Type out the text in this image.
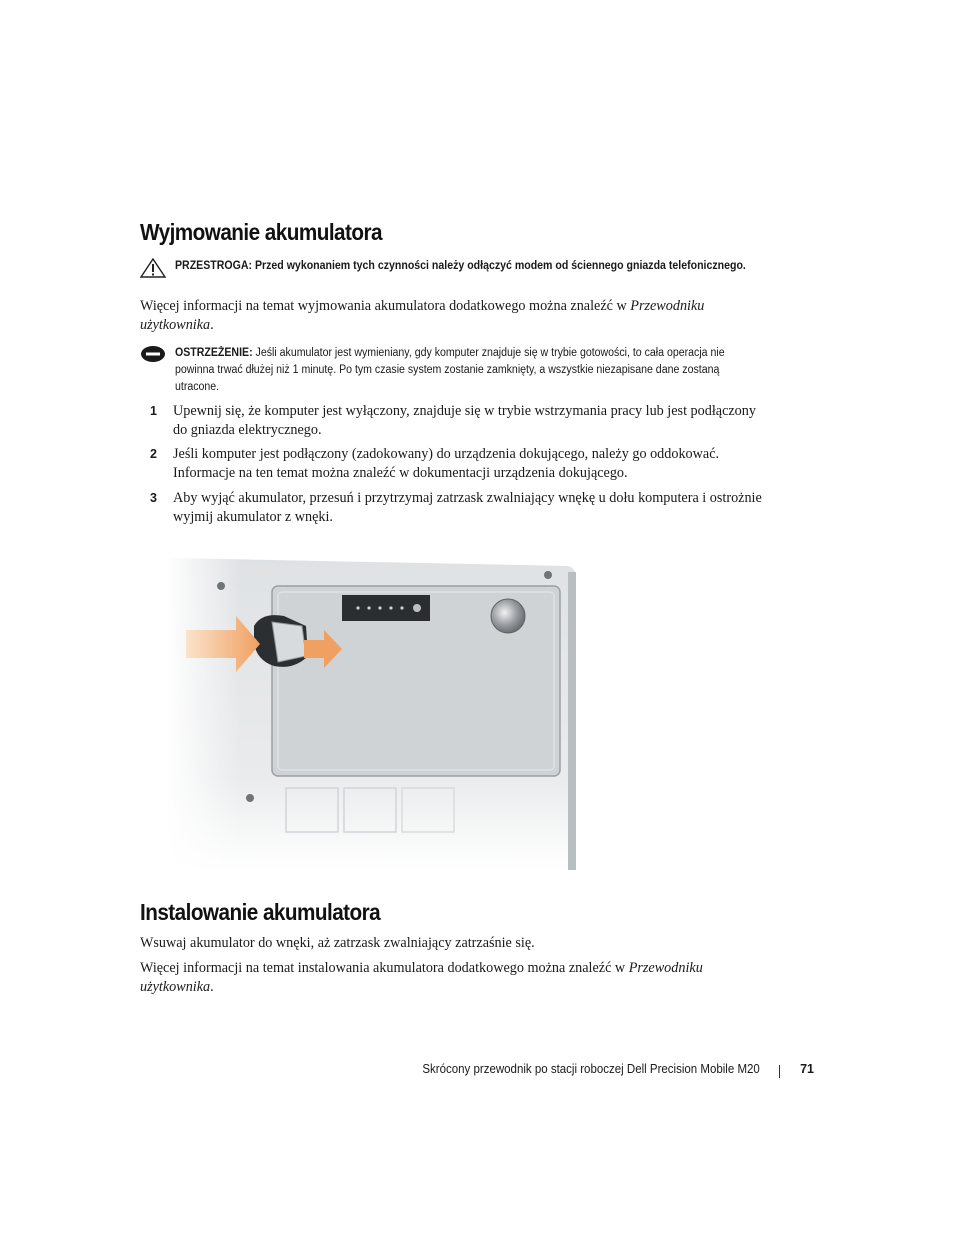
Wyjmowanie akumulatora
PRZESTROGA: Przed wykonaniem tych czynności należy odłączyć modem od ściennego gniazda telefonicznego.

Więcej informacji na temat wyjmowania akumulatora dodatkowego można znaleźć w Przewodniku użytkownika.

OSTRZEŻENIE: Jeśli akumulator jest wymieniany, gdy komputer znajduje się w trybie gotowości, to cała operacja nie powinna trwać dłużej niż 1 minutę. Po tym czasie system zostanie zamknięty, a wszystkie niezapisane dane zostaną utracone.
1 Upewnij się, że komputer jest wyłączony, znajduje się w trybie wstrzymania pracy lub jest podłączony do gniazda elektrycznego.
2 Jeśli komputer jest podłączony (zadokowany) do urządzenia dokującego, należy go oddokować. Informacje na ten temat można znaleźć w dokumentacji urządzenia dokującego.
3 Aby wyjąć akumulator, przesuń i przytrzymaj zatrzask zwalniający wnękę u dołu komputera i ostrożnie wyjmij akumulator z wnęki.
Instalowanie akumulatora

Wsuwaj akumulator do wnęki, aż zatrzask zwalniający zatrzaśnie się.

Więcej informacji na temat instalowania akumulatora dodatkowego można znaleźć w Przewodniku użytkownika.

Skrócony przewodnik po stacji roboczej Dell Precision Mobile M20	71
